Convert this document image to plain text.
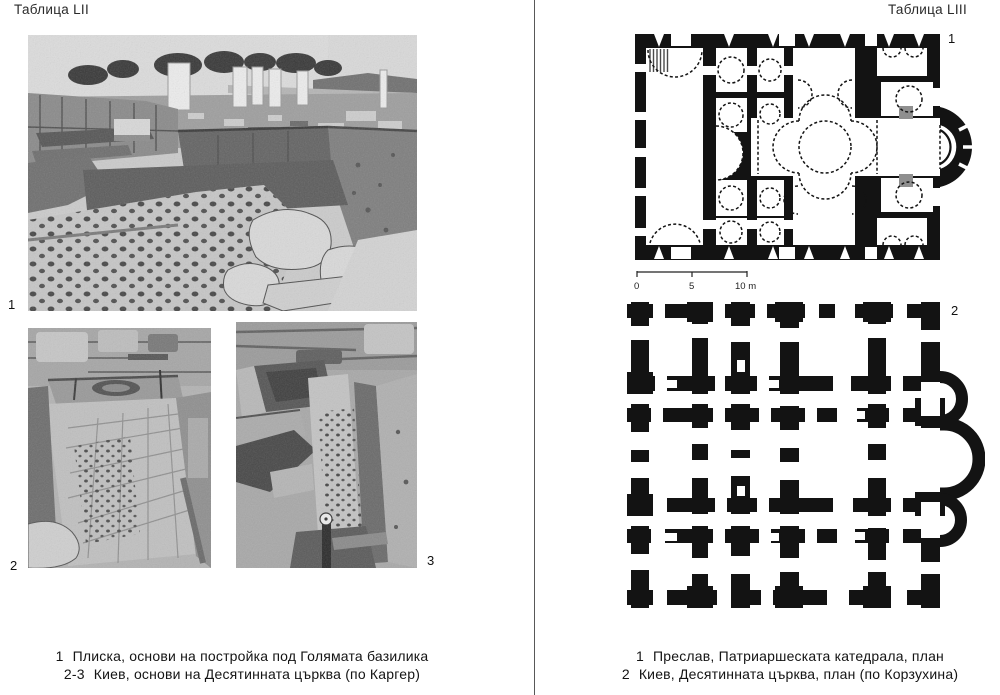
Таблица LII
1
2	3
1 Плиска, основи на постройка под Голямата базилика
2-3 Киев, основи на Десятинната църква (по Каргер)
Таблица LIII
1
0	5	10 m
2
1 Преслав, Патриаршеската катедрала, план
2 Киев, Десятинната църква, план (по Корзухина)
